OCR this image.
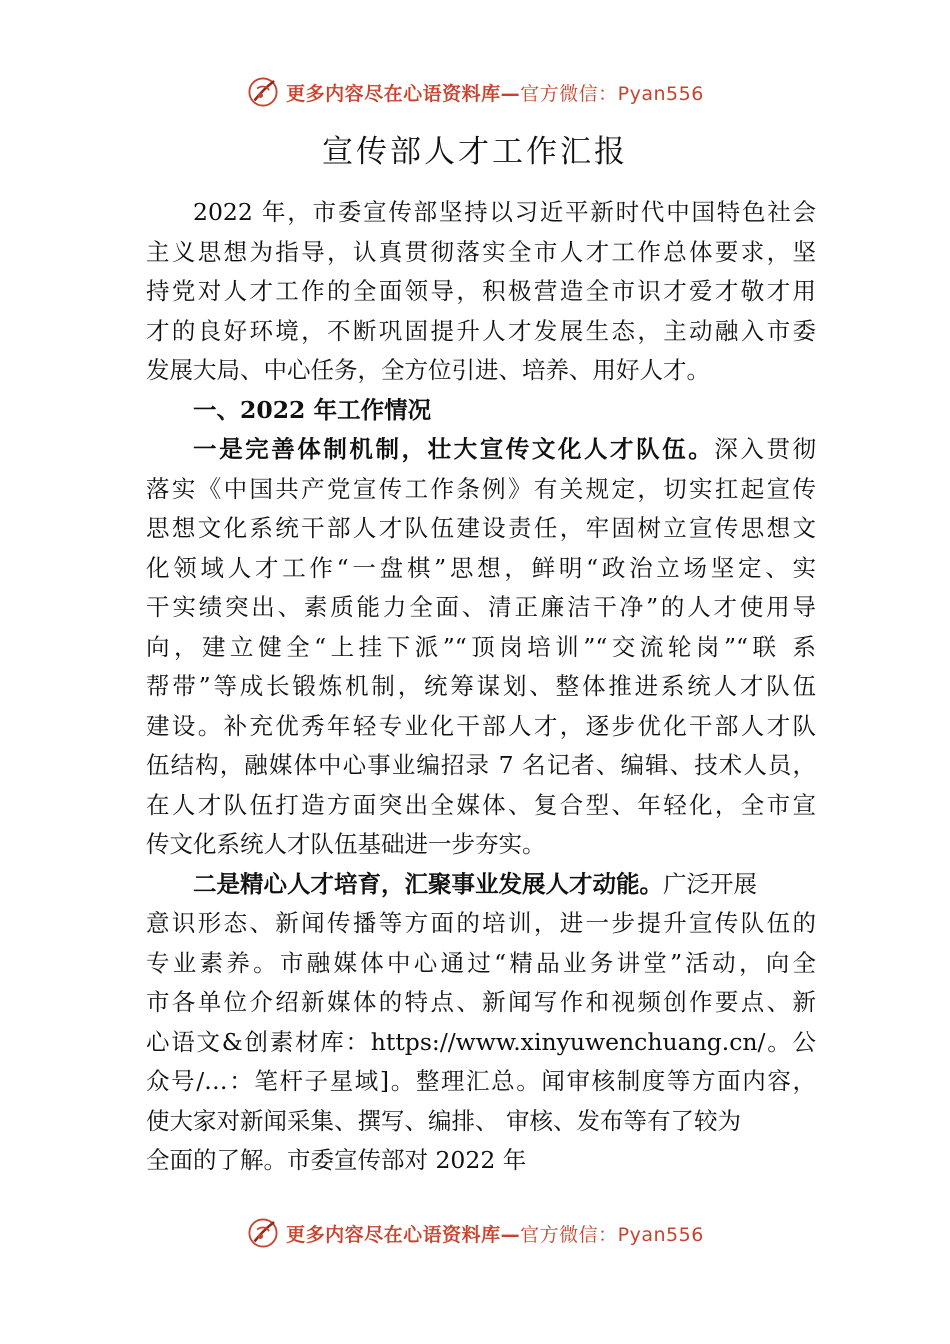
更多内容尽在心语资料库—官方微信：Pyan556
宣传部人才工作汇报
2022 年，市委宣传部坚持以习近平新时代中国特色社会
主义思想为指导，认真贯彻落实全市人才工作总体要求，坚
持党对人才工作的全面领导，积极营造全市识才爱才敬才用
才的良好环境，不断巩固提升人才发展生态，主动融入市委
发展大局、中心任务，全方位引进、培养、用好人才。
一、2022 年工作情况
一是完善体制机制，壮大宣传文化人才队伍。深入贯彻
落实《中国共产党宣传工作条例》有关规定，切实扛起宣传
思想文化系统干部人才队伍建设责任，牢固树立宣传思想文
化领域人才工作“一盘棋”思想，鲜明“政治立场坚定、实
干实绩突出、素质能力全面、清正廉洁干净”的人才使用导
向，建立健全“上挂下派”“顶岗培训”“交流轮岗”“联 系
帮带”等成长锻炼机制，统筹谋划、整体推进系统人才队伍
建设。补充优秀年轻专业化干部人才，逐步优化干部人才队
伍结构，融媒体中心事业编招录 7 名记者、编辑、技术人员，
在人才队伍打造方面突出全媒体、复合型、年轻化，全市宣
传文化系统人才队伍基础进一步夯实。
二是精心人才培育，汇聚事业发展人才动能。广泛开展
意识形态、新闻传播等方面的培训，进一步提升宣传队伍的
专业素养。市融媒体中心通过“精品业务讲堂”活动，向全
市各单位介绍新媒体的特点、新闻写作和视频创作要点、新
心语文&创素材库：https://www.xinyuwenchuang.cn/。公
众号/…：笔杆子星域]。整理汇总。闻审核制度等方面内容，
使大家对新闻采集、撰写、编排、 审核、发布等有了较为
全面的了解。市委宣传部对 2022 年
更多内容尽在心语资料库—官方微信：Pyan556
